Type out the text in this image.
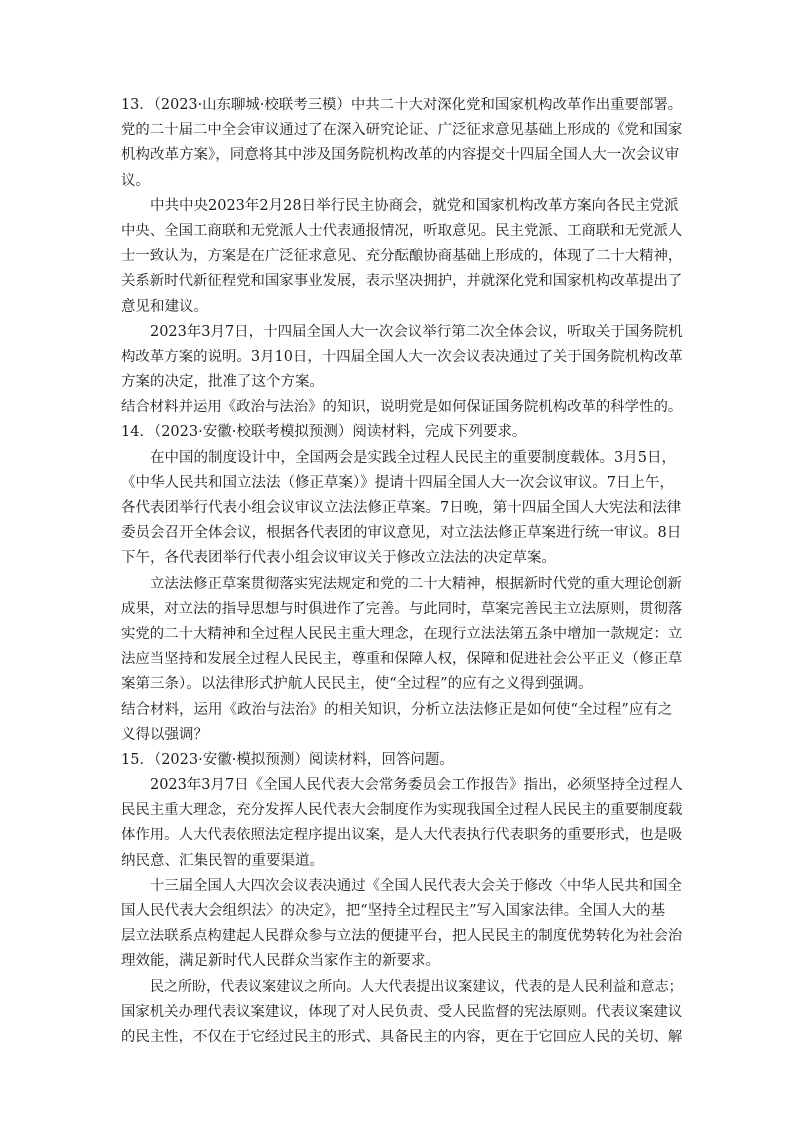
13．（2023·山东聊城·校联考三模）中共二十大对深化党和国家机构改革作出重要部署。
党的二十届二中全会审议通过了在深入研究论证、广泛征求意见基础上形成的《党和国家
机构改革方案》，同意将其中涉及国务院机构改革的内容提交十四届全国人大一次会议审
议。
中共中央2023年2月28日举行民主协商会，就党和国家机构改革方案向各民主党派
中央、全国工商联和无党派人士代表通报情况，听取意见。民主党派、工商联和无党派人
士一致认为，方案是在广泛征求意见、充分酝酿协商基础上形成的，体现了二十大精神，
关系新时代新征程党和国家事业发展，表示坚决拥护，并就深化党和国家机构改革提出了
意见和建议。
2023年3月7日，十四届全国人大一次会议举行第二次全体会议，听取关于国务院机
构改革方案的说明。3月10日，十四届全国人大一次会议表决通过了关于国务院机构改革
方案的决定，批准了这个方案。
结合材料并运用《政治与法治》的知识，说明党是如何保证国务院机构改革的科学性的。
14．（2023·安徽·校联考模拟预测）阅读材料，完成下列要求。
在中国的制度设计中，全国两会是实践全过程人民民主的重要制度载体。3月5日，
《中华人民共和国立法法（修正草案）》提请十四届全国人大一次会议审议。7日上午，
各代表团举行代表小组会议审议立法法修正草案。7日晚，第十四届全国人大宪法和法律
委员会召开全体会议，根据各代表团的审议意见，对立法法修正草案进行统一审议。8日
下午，各代表团举行代表小组会议审议关于修改立法法的决定草案。
立法法修正草案贯彻落实宪法规定和党的二十大精神，根据新时代党的重大理论创新
成果，对立法的指导思想与时俱进作了完善。与此同时，草案完善民主立法原则，贯彻落
实党的二十大精神和全过程人民民主重大理念，在现行立法法第五条中增加一款规定：立
法应当坚持和发展全过程人民民主，尊重和保障人权，保障和促进社会公平正义（修正草
案第三条）。以法律形式护航人民民主，使“全过程”的应有之义得到强调。
结合材料，运用《政治与法治》的相关知识，分析立法法修正是如何使“全过程”应有之
义得以强调？
15．（2023·安徽·模拟预测）阅读材料，回答问题。
2023年3月7日《全国人民代表大会常务委员会工作报告》指出，必须坚持全过程人
民民主重大理念，充分发挥人民代表大会制度作为实现我国全过程人民民主的重要制度载
体作用。人大代表依照法定程序提出议案，是人大代表执行代表职务的重要形式，也是吸
纳民意、汇集民智的重要渠道。
十三届全国人大四次会议表决通过《全国人民代表大会关于修改〈中华人民共和国全
国人民代表大会组织法〉的决定》，把“坚持全过程民主”写入国家法律。全国人大的基
层立法联系点构建起人民群众参与立法的便捷平台，把人民民主的制度优势转化为社会治
理效能，满足新时代人民群众当家作主的新要求。
民之所盼，代表议案建议之所向。人大代表提出议案建议，代表的是人民利益和意志；
国家机关办理代表议案建议，体现了对人民负责、受人民监督的宪法原则。代表议案建议
的民主性，不仅在于它经过民主的形式、具备民主的内容，更在于它回应人民的关切、解
